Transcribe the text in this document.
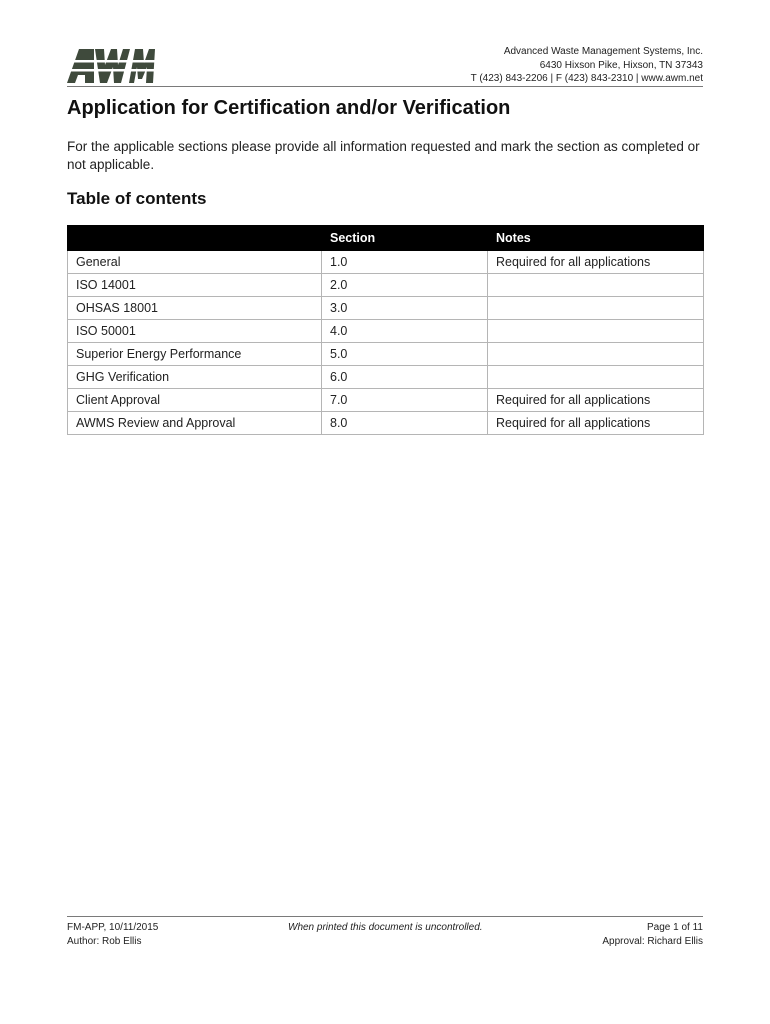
Advanced Waste Management Systems, Inc.
6430 Hixson Pike, Hixson, TN 37343
T (423) 843-2206 | F (423) 843-2310 | www.awm.net
Application for Certification and/or Verification

For the applicable sections please provide all information requested and mark the section as completed or not applicable.

Table of contents
	Section	Notes
General	1.0	Required for all applications
ISO 14001	2.0	
OHSAS 18001	3.0	
ISO 50001	4.0	
Superior Energy Performance	5.0	
GHG Verification	6.0	
Client Approval	7.0	Required for all applications
AWMS Review and Approval	8.0	Required for all applications
FM-APP, 10/11/2015
Author: Rob Ellis
When printed this document is uncontrolled.	Page 1 of 11
Approval: Richard Ellis
